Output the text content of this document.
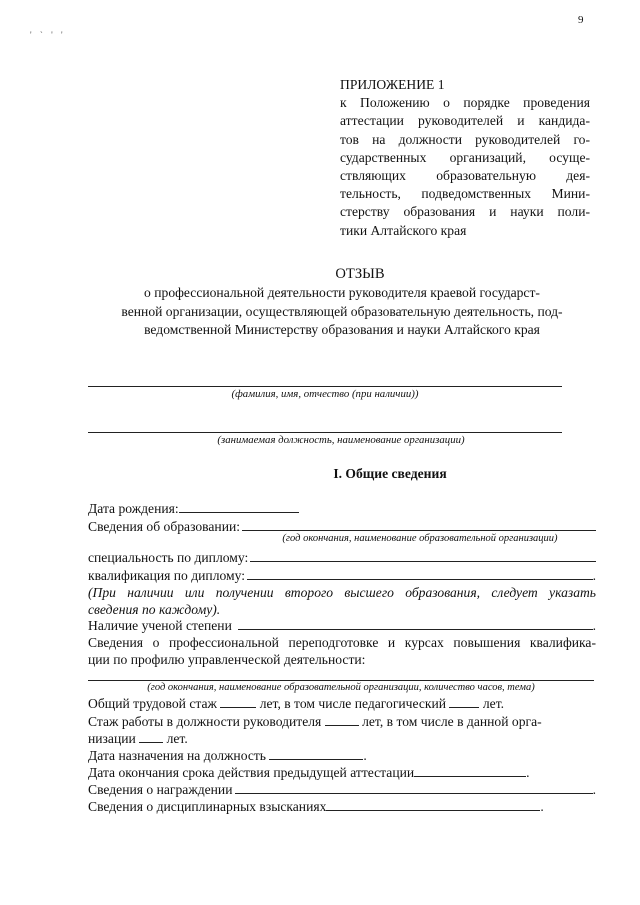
9
' ` ' '
ПРИЛОЖЕНИЕ 1
к Положению о порядке проведения
аттестации руководителей и кандида-
тов на должности руководителей го-
сударственных организаций, осуще-
ствляющих образовательную дея-
тельность, подведомственных Мини-
стерству образования и науки поли-
тики Алтайского края
ОТЗЫВ
о профессиональной деятельности руководителя краевой государст-
венной организации, осуществляющей образовательную деятельность, под-
ведомственной Министерству образования и науки Алтайского края
(фамилия, имя, отчество (при наличии))
(занимаемая должность, наименование организации)
I. Общие сведения
Дата рождения:
Сведения об образовании:
(год окончания, наименование образовательной организации)
специальность по диплому:
квалификация по диплому:	.
(При наличии или получении второго высшего образования, следует указать
сведения по каждому).
Наличие ученой степени	.
Сведения о профессиональной переподготовке и курсах повышения квалифика-
ции по профилю управленческой деятельности:
(год окончания, наименование образовательной организации, количество часов, тема)
Общий трудовой стаж	лет, в том числе педагогический	лет.
Стаж работы в должности руководителя	лет, в том числе в данной орга-
низации лет.
Дата назначения на должность	.
Дата окончания срока действия предыдущей аттестации	.
Сведения о награждении	.
Сведения о дисциплинарных взысканиях	.
